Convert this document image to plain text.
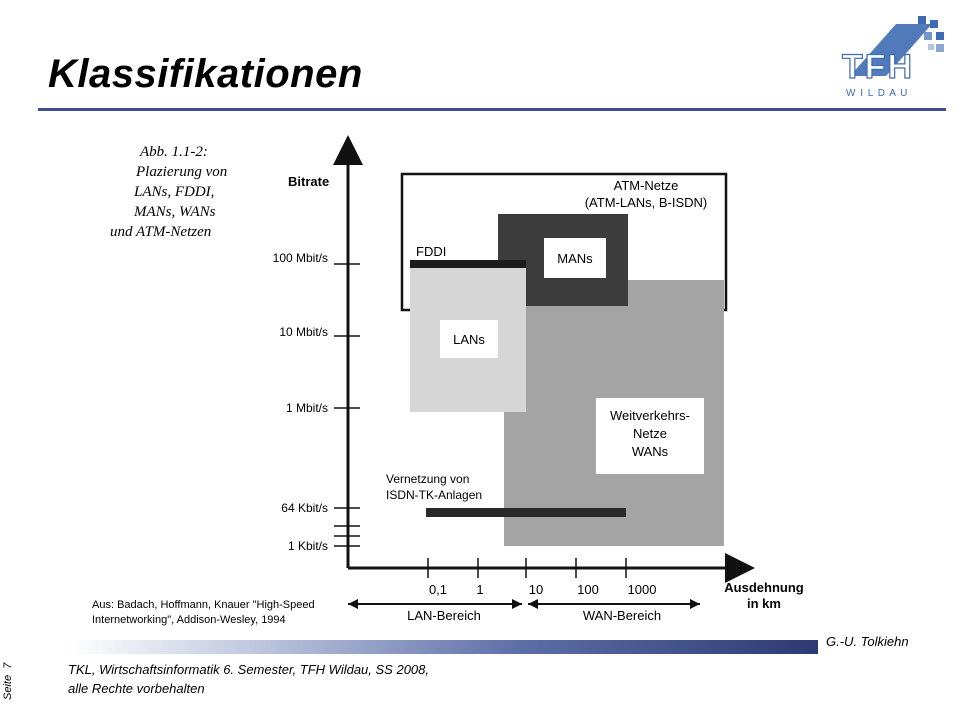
Klassifikationen	TFH
W I L D A U
Abb. 1.1-2:
Plazierung von
LANs, FDDI,
MANs, WANs
und ATM-Netzen
ATM-Netze
(ATM-LANs, B-ISDN)
FDDI	MANs
LANs
Weitverkehrs-
Netze
WANs
Vernetzung von
ISDN-TK-Anlagen
Bitrate
100 Mbit/s
10 Mbit/s
1 Mbit/s
64 Kbit/s
1 Kbit/s
0,1 1	10	100 1000	Ausdehnung
in km
LAN-Bereich	WAN-Bereich
Aus: Badach, Hoffmann, Knauer "High-Speed
Internetworking", Addison-Wesley, 1994
G.-U. Tolkiehn
Seite  7	TKL, Wirtschaftsinformatik 6. Semester, TFH Wildau, SS 2008,
alle Rechte vorbehalten
